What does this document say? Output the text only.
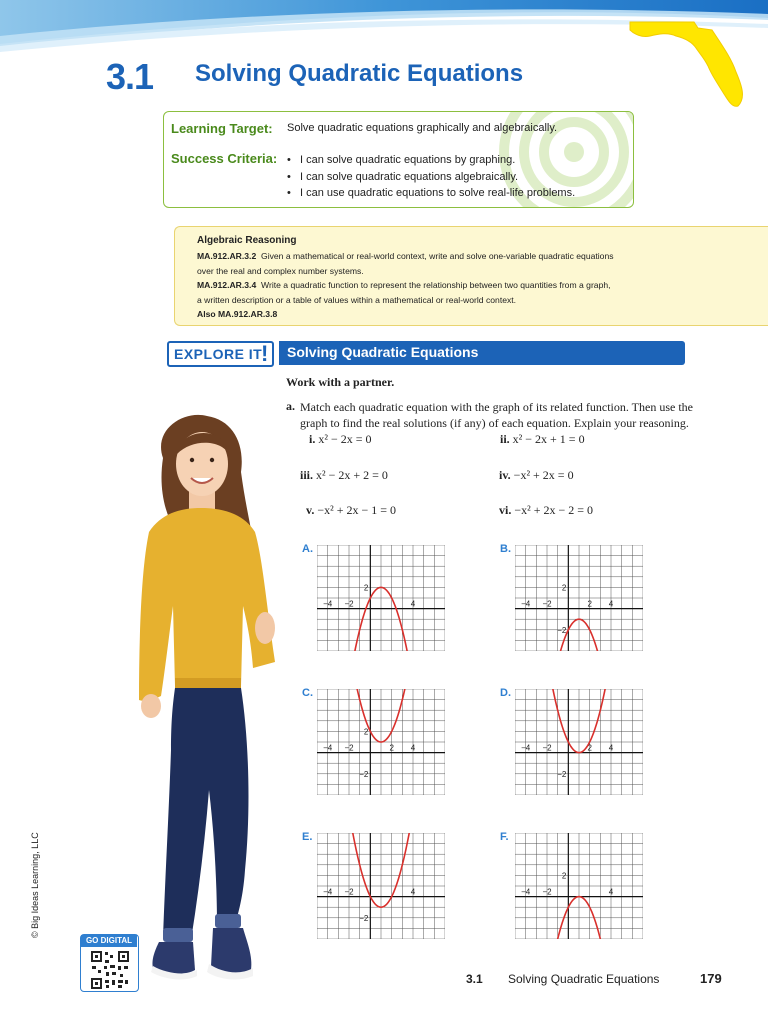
3.1 Solving Quadratic Equations
Learning Target: Solve quadratic equations graphically and algebraically.
Success Criteria:	• I can solve quadratic equations by graphing.
• I can solve quadratic equations algebraically.
• I can use quadratic equations to solve real-life problems.
Algebraic Reasoning
MA.912.AR.3.2 Given a mathematical or real-world context, write and solve one-variable quadratic equations
over the real and complex number systems.
MA.912.AR.3.4 Write a quadratic function to represent the relationship between two quantities from a graph,
a written description or a table of values within a mathematical or real-world context.
Also MA.912.AR.3.8
EXPLORE IT
! Solving Quadratic Equations
Work with a partner.
a. Match each quadratic equation with the graph of its related function. Then use the graph to find the real solutions (if any) of each equation. Explain your reasoning.
i. x² − 2x = 0	ii. x² − 2x + 1 = 0
iii. x² − 2x + 2 = 0	iv. −x² + 2x = 0
v. −x² + 2x − 1 = 0	vi. −x² + 2x − 2 = 0
A.	B.
C.	D.
E.	F.
−4 −2	4
2
−4 −2	2 4
2
−2
−4 −2	2 4
2
−2
−4 −2	2 4
−2
−4 −2	4
−2
−4 −2	4
2
© Big Ideas Learning, LLC
GO DIGITAL
3.1 Solving Quadratic Equations	179
